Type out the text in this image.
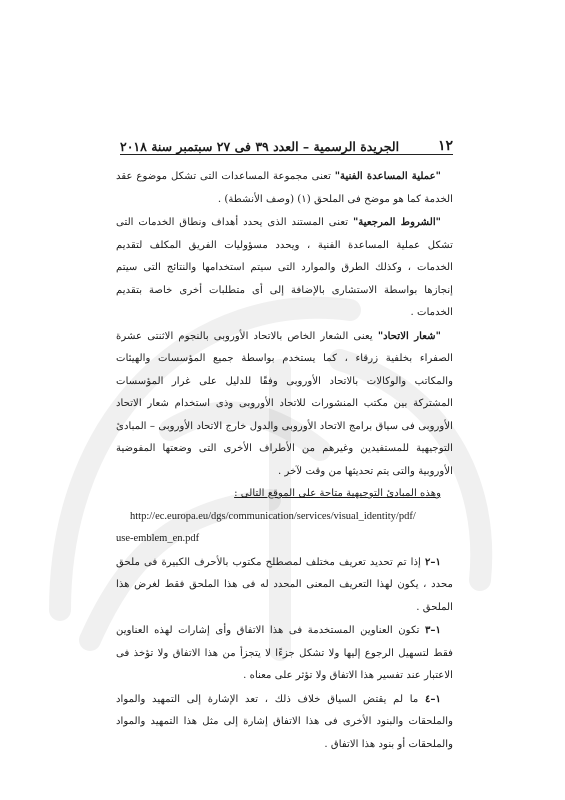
١٢
الجريدة الرسمية – العدد ٣٩ فى ٢٧ سبتمبر سنة ٢٠١٨

"عملية المساعدة الفنية" تعنى مجموعة المساعدات التى تشكل موضوع عقد الخدمة كما هو موضح فى الملحق (١) (وصف الأنشطة) .

"الشروط المرجعية" تعنى المستند الذى يحدد أهداف ونطاق الخدمات التى تشكل عملية المساعدة الفنية ، ويحدد مسؤوليات الفريق المكلف لتقديم الخدمات ، وكذلك الطرق والموارد التى سيتم استخدامها والنتائج التى سيتم إنجازها بواسطة الاستشارى بالإضافة إلى أى متطلبات أخرى خاصة بتقديم الخدمات .

"شعار الاتحاد" يعنى الشعار الخاص بالاتحاد الأوروبى بالنجوم الاثنتى عشرة الصفراء بخلفية زرقاء ، كما يستخدم بواسطة جميع المؤسسات والهيئات والمكاتب والوكالات بالاتحاد الأوروبى وفقًا للدليل على غرار المؤسسات المشتركة بين مكتب المنشورات للاتحاد الأوروبى وذى استخدام شعار الاتحاد الأوروبى فى سياق برامج الاتحاد الأوروبى والدول خارج الاتحاد الأوروبى – المبادئ التوجيهية للمستفيدين وغيرهم من الأطراف الأخرى التى وضعتها المفوضية الأوروبية والتى يتم تحديثها من وقت لآخر .

وهذه المبادئ التوجيهية متاحة على الموقع التالى :

http://ec.europa.eu/dgs/communication/services/visual_identity/pdf/

use-emblem_en.pdf

١–٢ إذا تم تحديد تعريف مختلف لمصطلح مكتوب بالأحرف الكبيرة فى ملحق محدد ، يكون لهذا التعريف المعنى المحدد له فى هذا الملحق فقط لغرض هذا الملحق .

١–٣ تكون العناوين المستخدمة فى هذا الاتفاق وأى إشارات لهذه العناوين فقط لتسهيل الرجوع إليها ولا تشكل جزءًا لا يتجزأ من هذا الاتفاق ولا تؤخذ فى الاعتبار عند تفسير هذا الاتفاق ولا تؤثر على معناه .

١–٤ ما لم يقتض السياق خلاف ذلك ، تعد الإشارة إلى التمهيد والمواد والملحقات والبنود الأخرى فى هذا الاتفاق إشارة إلى مثل هذا التمهيد والمواد والملحقات أو بنود هذا الاتفاق .
